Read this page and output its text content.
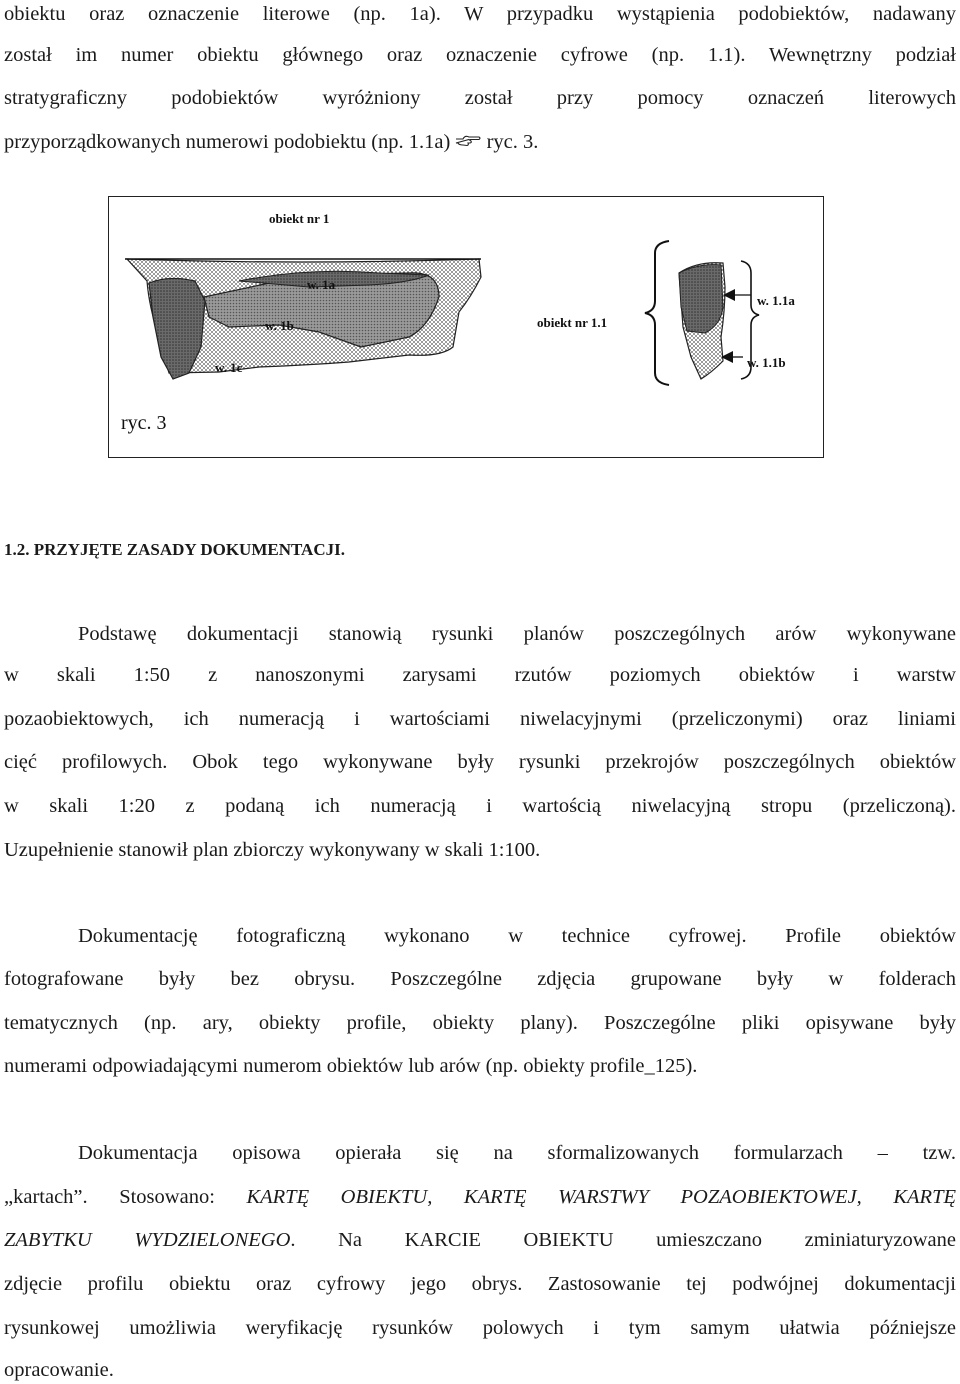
obiektu oraz oznaczenie literowe (np. 1a). W przypadku wystąpienia podobiektów, nadawany
został im numer obiektu głównego oraz oznaczenie cyfrowe (np. 1.1). Wewnętrzny podział
stratygraficzny podobiektów wyróżniony został przy pomocy oznaczeń literowych
przyporządkowanych numerowi podobiektu (np. 1.1a)  ryc. 3.
obiekt nr 1
w. 1a
w. 1b
w. 1c
obiekt nr 1.1
w. 1.1a
w. 1.1b
ryc. 3
1.2. PRZYJĘTE ZASADY DOKUMENTACJI.
Podstawę dokumentacji stanowią rysunki planów poszczególnych arów wykonywane
w skali 1:50 z nanoszonymi zarysami rzutów poziomych obiektów i warstw
pozaobiektowych, ich numeracją i wartościami niwelacyjnymi (przeliczonymi) oraz liniami
cięć profilowych. Obok tego wykonywane były rysunki przekrojów poszczególnych obiektów
w skali 1:20 z podaną ich numeracją i wartością niwelacyjną stropu (przeliczoną).
Uzupełnienie stanowił plan zbiorczy wykonywany w skali 1:100.
Dokumentację fotograficzną wykonano w technice cyfrowej. Profile obiektów
fotografowane były bez obrysu. Poszczególne zdjęcia grupowane były w folderach
tematycznych (np. ary, obiekty profile, obiekty plany). Poszczególne pliki opisywane były
numerami odpowiadającymi numerom obiektów lub arów (np. obiekty profile_125).
Dokumentacja opisowa opierała się na sformalizowanych formularzach – tzw.
„kartach”. Stosowano: KARTĘ OBIEKTU, KARTĘ WARSTWY POZAOBIEKTOWEJ, KARTĘ
ZABYTKU WYDZIELONEGO. Na KARCIE OBIEKTU umieszczano zminiaturyzowane
zdjęcie profilu obiektu oraz cyfrowy jego obrys. Zastosowanie tej podwójnej dokumentacji
rysunkowej umożliwia weryfikację rysunków polowych i tym samym ułatwia późniejsze
opracowanie.
